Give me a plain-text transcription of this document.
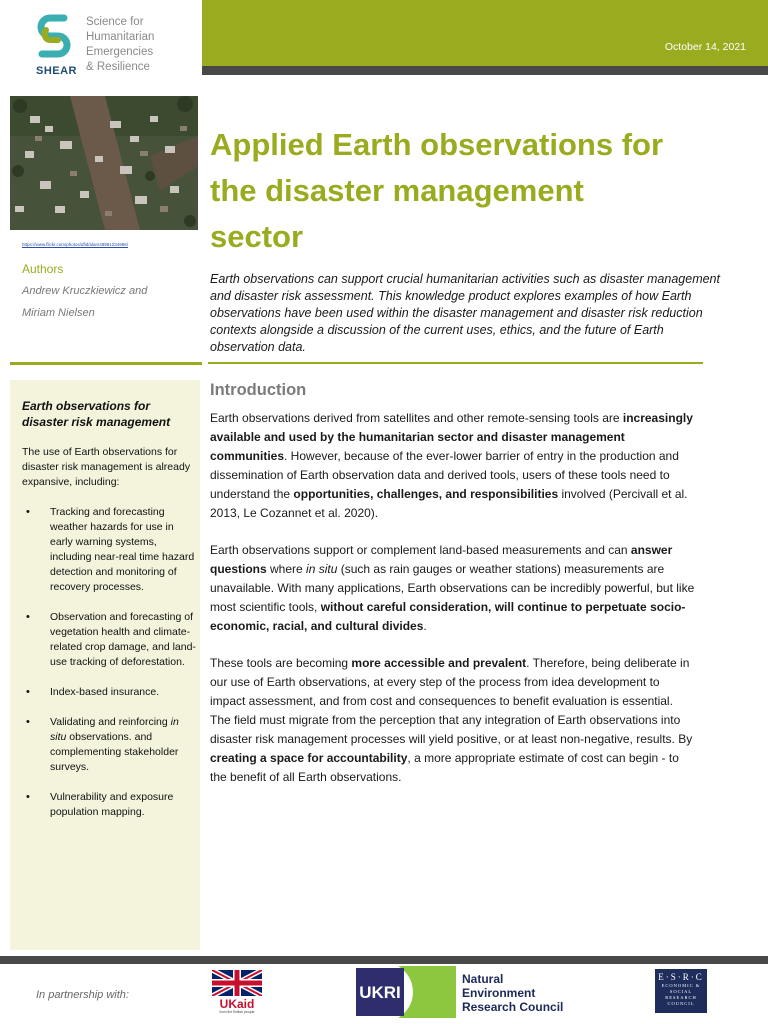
SHEAR
Science for
Humanitarian
Emergencies
& Resilience
October 14, 2021
https://www.flickr.com/photos/dfid/alan/48981234986/
Authors
Andrew Kruczkiewicz and
Miriam Nielsen
Applied Earth observations for
the disaster management
sector

Earth observations can support crucial humanitarian activities such as disaster management and disaster risk assessment. This knowledge product explores examples of how Earth observations have been used within the disaster management and disaster risk reduction contexts alongside a discussion of the current uses, ethics, and the future of Earth observation data.

Earth observations for disaster risk management

The use of Earth observations for disaster risk management is already expansive, including:

• Tracking and forecasting weather hazards for use in early warning systems, including near-real time hazard detection and monitoring of recovery processes.
• Observation and forecasting of vegetation health and climate-related crop damage, and land-use tracking of deforestation.
• Index-based insurance.
• Validating and reinforcing in situ observations. and complementing stakeholder surveys.
• Vulnerability and exposure population mapping.
Introduction

Earth observations derived from satellites and other remote-sensing tools are increasingly available and used by the humanitarian sector and disaster management communities. However, because of the ever-lower barrier of entry in the production and dissemination of Earth observation data and derived tools, users of these tools need to understand the opportunities, challenges, and responsibilities involved (Percivall et al. 2013, Le Cozannet et al. 2020).

Earth observations support or complement land-based measurements and can answer questions where in situ (such as rain gauges or weather stations) measurements are unavailable. With many applications, Earth observations can be incredibly powerful, but like most scientific tools, without careful consideration, will continue to perpetuate socio-economic, racial, and cultural divides.

These tools are becoming more accessible and prevalent. Therefore, being deliberate in our use of Earth observations, at every step of the process from idea development to impact assessment, and from cost and consequences to benefit evaluation is essential. The field must migrate from the perception that any integration of Earth observations into disaster risk management processes will yield positive, or at least non-negative, results. By creating a space for accountability, a more appropriate estimate of cost can begin - to the benefit of all Earth observations.

In partnership with:
UKaid
from the British people
UKRI
Natural
Environment
Research Council
E·S·R·C
ECONOMIC & SOCIAL RESEARCH COUNCIL
